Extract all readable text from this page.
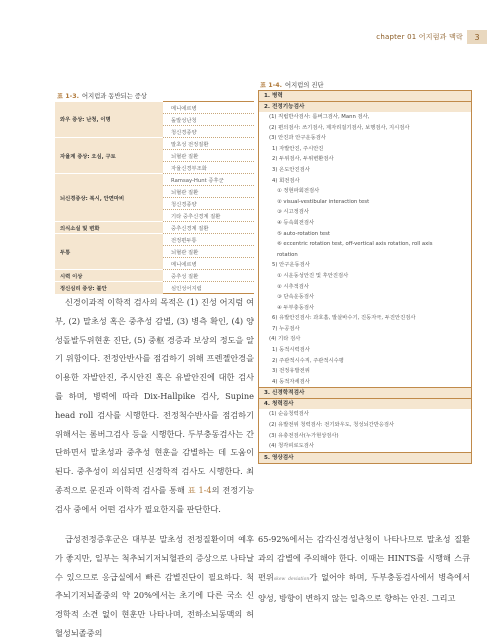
chapter 01 어지럼과 맥락	3
표 1-3. 어지럼과 동반되는 증상
와우 증상: 난청, 이명	메니에르병
	돌발성난청
	청신경종양
자율계 증상: 오심, 구토	말초성 전정질환
	뇌혈관 질환
	자율신경부조화
뇌신경증상: 복시, 안면마비	Ramsay-Hunt 증후군
	뇌혈관 질환
	청신경종양
	기타 중추신경계 질환
의식소실 및 변화	중추신경계 질환
두통	전정편두통
	뇌혈관 질환
	메니에르병
시력 이상	중추성 질환
정신심리 증상: 불안	심인성어지럼
표 1-4. 어지럼의 진단
1. 병력
2. 전정기능검사
(1) 직립반사검사: 롬버그검사, Mann 검사,
(2) 편의검사: 쓰기검사, 제자리걸기검사, 보행검사, 지시검사
(3) 안진과 안구운동검사
1) 자발안진, 주시안진
2) 두위검사, 두위변환검사
3) 온도안진검사
4) 회전검사
① 정현파회전검사
② visual-vestibular interaction test
③ 시고정검사
④ 등속회전검사
⑤ auto-rotation test
⑥ eccentric rotation test, off-vertical axis rotation, roll axis
rotation
5) 안구운동검사
① 시운동성안진 및 후안진검사
② 시추적검사
③ 단속운동검사
④ 두부충동검사
6) 유발안진검사: 과호흡, 발살바수기, 진동자극, 두진안진검사
7) 누공검사
(4) 기타 검사
1) 동적시력검사
2) 주관적시수직, 주관적시수평
3) 전정유발전위
4) 동적자세검사
3. 신경학적검사
4. 청력검사
(1) 순음청력검사
(2) 유발전위 청력검사: 전기와우도, 청성뇌간반응검사
(3) 유충전검사(누가현상검사)
(4) 청각피로도검사
5. 영상검사

신경이과적 이학적 검사의 목적은 (1) 진성 어지럼 여부, (2) 말초성 혹은 중추성 감별, (3) 병측 확인, (4) 양성돌발두위현훈 진단, (5) 중枢 경증과 보상의 정도을 알기 위함이다. 전정안반사를 점검하기 위해 프렌젤안경을 이용한 자발안진, 주시안진 혹은 유발안진에 대한 검사를 하며, 병력에 따라 Dix-Hallpike 검사, Supine head roll 검사를 시행한다. 전정척수반사를 점검하기 위해서는 롬버그검사 등을 시행한다. 두부충동검사는 간단하면서 말초성과 중추성 현훈을 감별하는 데 도움이 된다. 중추성이 의심되면 신경학적 검사도 시행한다. 최종적으로 문진과 이학적 검사를 통해 표 1-4의 전정기능검사 중에서 어떤 검사가 필요한지를 판단한다.

급성전정증후군은 대부분 말초성 전정질환이며 예후가 좋지만, 일부는 척추뇌기저뇌혈관의 증상으로 나타날 수 있으므로 응급실에서 빠른 감별진단이 필요하다. 척추뇌기저뇌졸중의 약 20%에서는 초기에 다른 국소 신경학적 소견 없이 현훈만 나타나며, 전하소뇌동맥의 허혈성뇌졸중의

65-92%에서는 감각신경성난청이 나타나므로 말초성 질환과의 감별에 주의해야 한다. 이때는 HINTS를 시행해 스큐편위skew deviation가 없어야 하며, 두부충동검사에서 병측에서 양성, 방향이 변하지 않는 일측으로 향하는 안진. 그리고
